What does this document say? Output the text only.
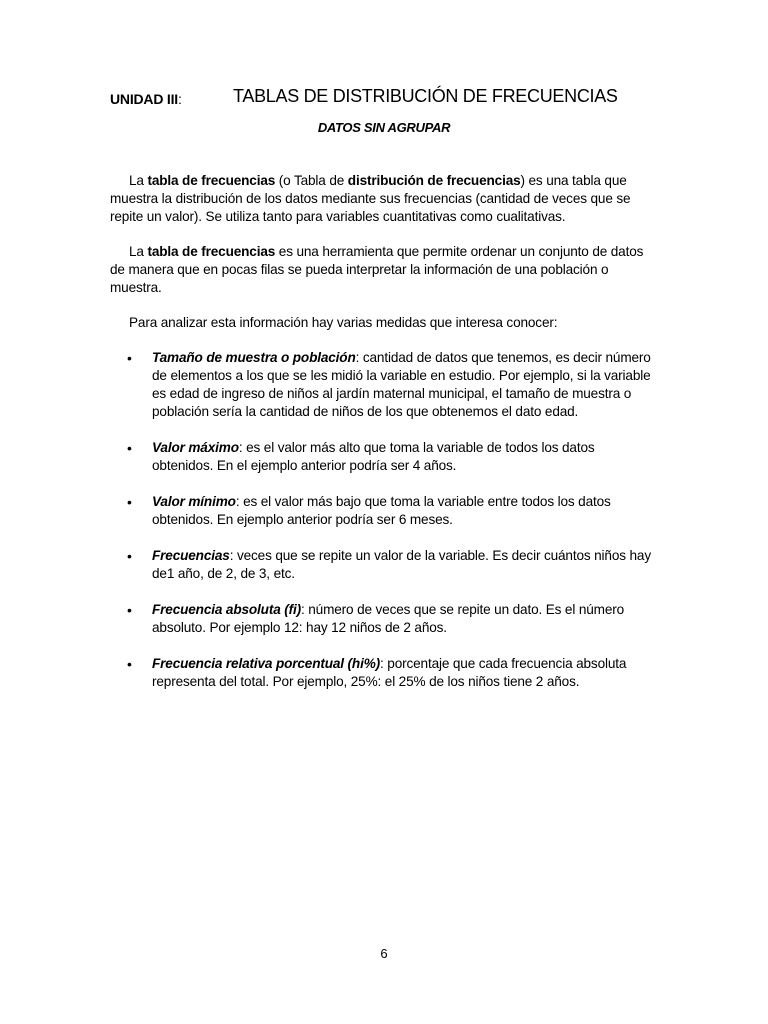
UNIDAD III:	TABLAS DE DISTRIBUCIÓN DE FRECUENCIAS
DATOS SIN AGRUPAR

La tabla de frecuencias (o Tabla de distribución de frecuencias) es una tabla que muestra la distribución de los datos mediante sus frecuencias (cantidad de veces que se repite un valor). Se utiliza tanto para variables cuantitativas como cualitativas.

La tabla de frecuencias es una herramienta que permite ordenar un conjunto de datos de manera que en pocas filas se pueda interpretar la información de una población o muestra.

Para analizar esta información hay varias medidas que interesa conocer:

• Tamaño de muestra o población: cantidad de datos que tenemos, es decir número de elementos a los que se les midió la variable en estudio. Por ejemplo, si la variable es edad de ingreso de niños al jardín maternal municipal, el tamaño de muestra o población sería la cantidad de niños de los que obtenemos el dato edad.
• Valor máximo: es el valor más alto que toma la variable de todos los datos obtenidos. En el ejemplo anterior podría ser 4 años.
• Valor mínimo: es el valor más bajo que toma la variable entre todos los datos obtenidos. En ejemplo anterior podría ser 6 meses.
• Frecuencias: veces que se repite un valor de la variable. Es decir cuántos niños hay de1 año, de 2, de 3, etc.
• Frecuencia absoluta (fi): número de veces que se repite un dato. Es el número absoluto. Por ejemplo 12: hay 12 niños de 2 años.
• Frecuencia relativa porcentual (hi%): porcentaje que cada frecuencia absoluta representa del total. Por ejemplo, 25%: el 25% de los niños tiene 2 años.
6
